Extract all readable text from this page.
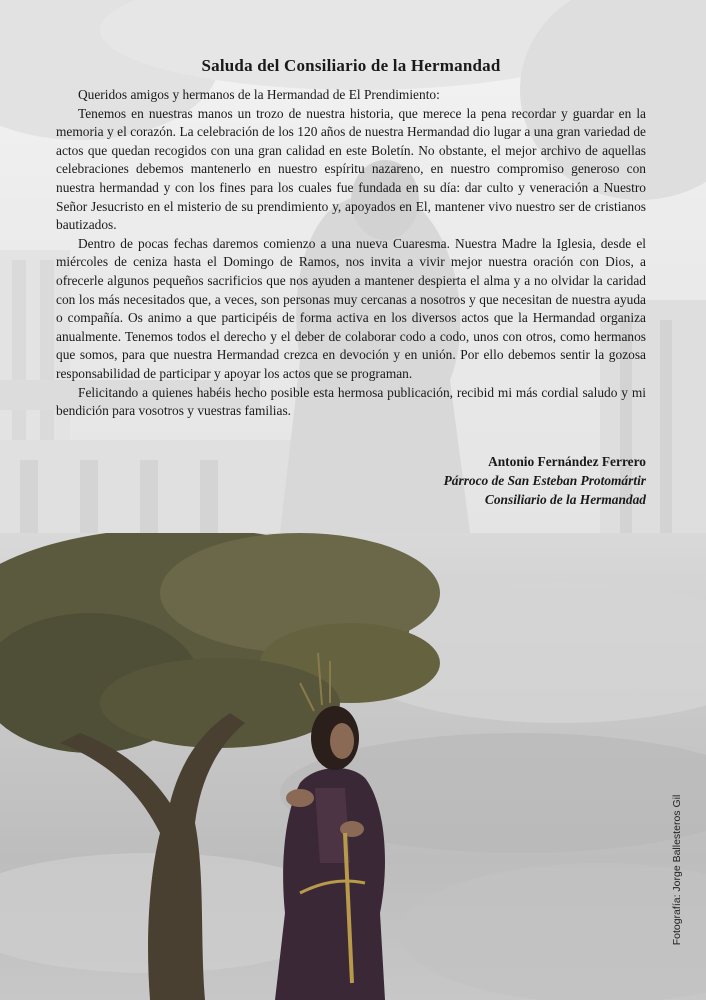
Saluda del Consiliario de la Hermandad

Queridos amigos y hermanos de la Hermandad de El Prendimiento:

Tenemos en nuestras manos un trozo de nuestra historia, que merece la pena recordar y guardar en la memoria y el corazón. La celebración de los 120 años de nuestra Hermandad dio lugar a una gran variedad de actos que quedan recogidos con una gran calidad en este Boletín. No obstante, el mejor archivo de aquellas celebraciones debemos mantenerlo en nuestro espíritu nazareno, en nuestro compromiso generoso con nuestra hermandad y con los fines para los cuales fue fundada en su día: dar culto y veneración a Nuestro Señor Jesucristo en el misterio de su prendimiento y, apoyados en El, mantener vivo nuestro ser de cristianos bautizados.

Dentro de pocas fechas daremos comienzo a una nueva Cuaresma. Nuestra Madre la Iglesia, desde el miércoles de ceniza hasta el Domingo de Ramos, nos invita a vivir mejor nuestra oración con Dios, a ofrecerle algunos pequeños sacrificios que nos ayuden a mantener despierta el alma y a no olvidar la caridad con los más necesitados que, a veces, son personas muy cercanas a nosotros y que necesitan de nuestra ayuda o compañía. Os animo a que participéis de forma activa en los diversos actos que la Hermandad organiza anualmente. Tenemos todos el derecho y el deber de colaborar codo a codo, unos con otros, como hermanos que somos, para que nuestra Hermandad crezca en devoción y en unión. Por ello debemos sentir la gozosa responsabilidad de participar y apoyar los actos que se programan.

Felicitando a quienes habéis hecho posible esta hermosa publicación, recibid mi más cordial saludo y mi bendición para vosotros y vuestras familias.

Antonio Fernández Ferrero
Párroco de San Esteban Protomártir
Consiliario de la Hermandad
Fotografía: Jorge Ballesteros Gil
